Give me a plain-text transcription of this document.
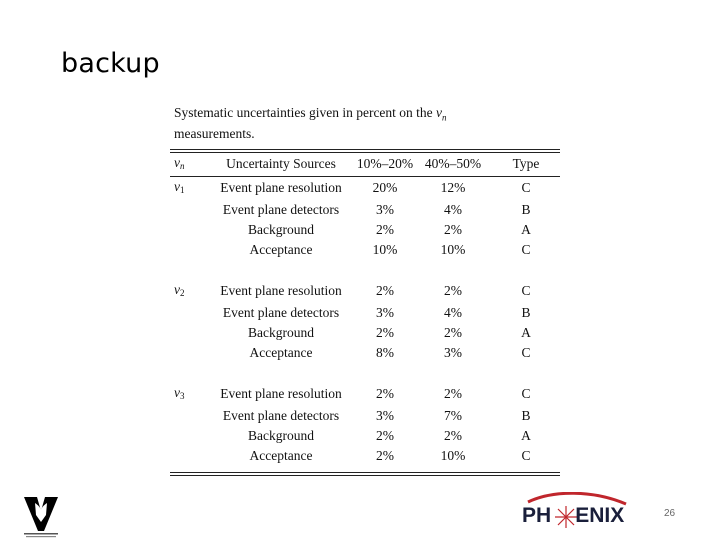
backup

Systematic uncertainties given in percent on the $v_n$ measurements.

vn	Uncertainty Sources	10%–20%	40%–50%	Type
v1	Event plane resolution	20%	12%	C
	Event plane detectors	3%	4%	B
	Background	2%	2%	A
	Acceptance	10%	10%	C

v2	Event plane resolution	2%	2%	C
	Event plane detectors	3%	4%	B
	Background	2%	2%	A
	Acceptance	8%	3%	C

v3	Event plane resolution	2%	2%	C
	Event plane detectors	3%	7%	B
	Background	2%	2%	A
	Acceptance	2%	10%	C
PH ENIX	26
